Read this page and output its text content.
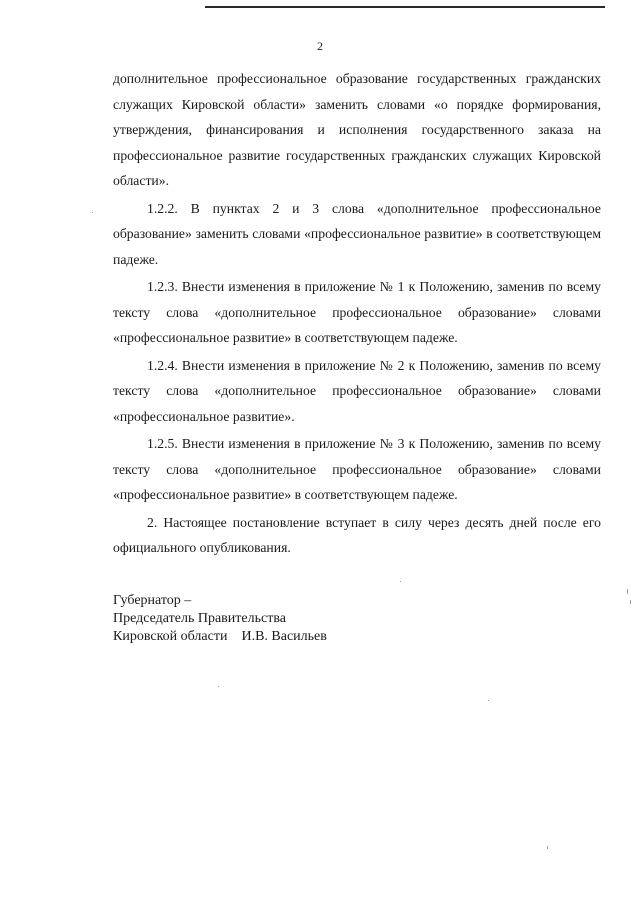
2

дополнительное профессиональное образование государственных гражданских служащих Кировской области» заменить словами «о порядке формирования, утверждения, финансирования и исполнения государственного заказа на профессиональное развитие государственных гражданских служащих Кировской области».

1.2.2. В пунктах 2 и 3 слова «дополнительное профессиональное образование» заменить словами «профессиональное развитие» в соответствующем падеже.

1.2.3. Внести изменения в приложение № 1 к Положению, заменив по всему тексту слова «дополнительное профессиональное образование» словами «профессиональное развитие» в соответствующем падеже.

1.2.4. Внести изменения в приложение № 2 к Положению, заменив по всему тексту слова «дополнительное профессиональное образование» словами «профессиональное развитие».

1.2.5. Внести изменения в приложение № 3 к Положению, заменив по всему тексту слова «дополнительное профессиональное образование» словами «профессиональное развитие» в соответствующем падеже.

2. Настоящее постановление вступает в силу через десять дней после его официального опубликования.

Губернатор –
Председатель Правительства
Кировской области    И.В. Васильев
